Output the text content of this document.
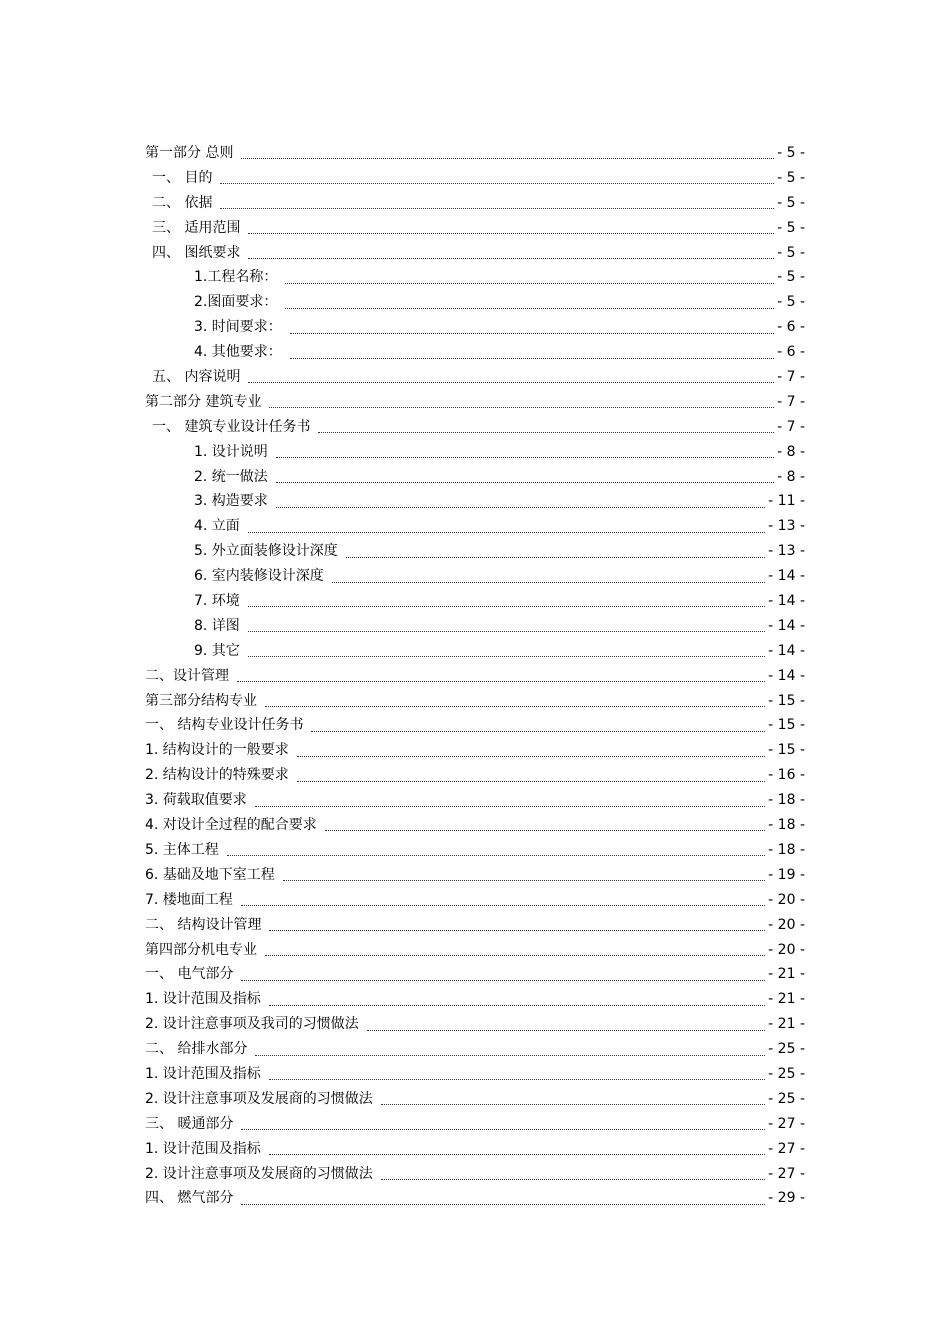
第一部分 总则	- 5 -
一、 目的	- 5 -
二、 依据	- 5 -
三、 适用范围	- 5 -
四、 图纸要求	- 5 -
1.工程名称：	- 5 -
2.图面要求：	- 5 -
3. 时间要求：	- 6 -
4. 其他要求：	- 6 -
五、 内容说明	- 7 -
第二部分 建筑专业	- 7 -
一、 建筑专业设计任务书	- 7 -
1. 设计说明	- 8 -
2. 统一做法	- 8 -
3. 构造要求	- 11 -
4. 立面	- 13 -
5. 外立面装修设计深度	- 13 -
6. 室内装修设计深度	- 14 -
7. 环境	- 14 -
8. 详图	- 14 -
9. 其它	- 14 -
二、设计管理	- 14 -
第三部分结构专业	- 15 -
一、 结构专业设计任务书	- 15 -
1. 结构设计的一般要求	- 15 -
2. 结构设计的特殊要求	- 16 -
3. 荷载取值要求	- 18 -
4. 对设计全过程的配合要求	- 18 -
5. 主体工程	- 18 -
6. 基础及地下室工程	- 19 -
7. 楼地面工程	- 20 -
二、 结构设计管理	- 20 -
第四部分机电专业	- 20 -
一、 电气部分	- 21 -
1. 设计范围及指标	- 21 -
2. 设计注意事项及我司的习惯做法	- 21 -
二、 给排水部分	- 25 -
1. 设计范围及指标	- 25 -
2. 设计注意事项及发展商的习惯做法	- 25 -
三、 暖通部分	- 27 -
1. 设计范围及指标	- 27 -
2. 设计注意事项及发展商的习惯做法	- 27 -
四、 燃气部分	- 29 -
